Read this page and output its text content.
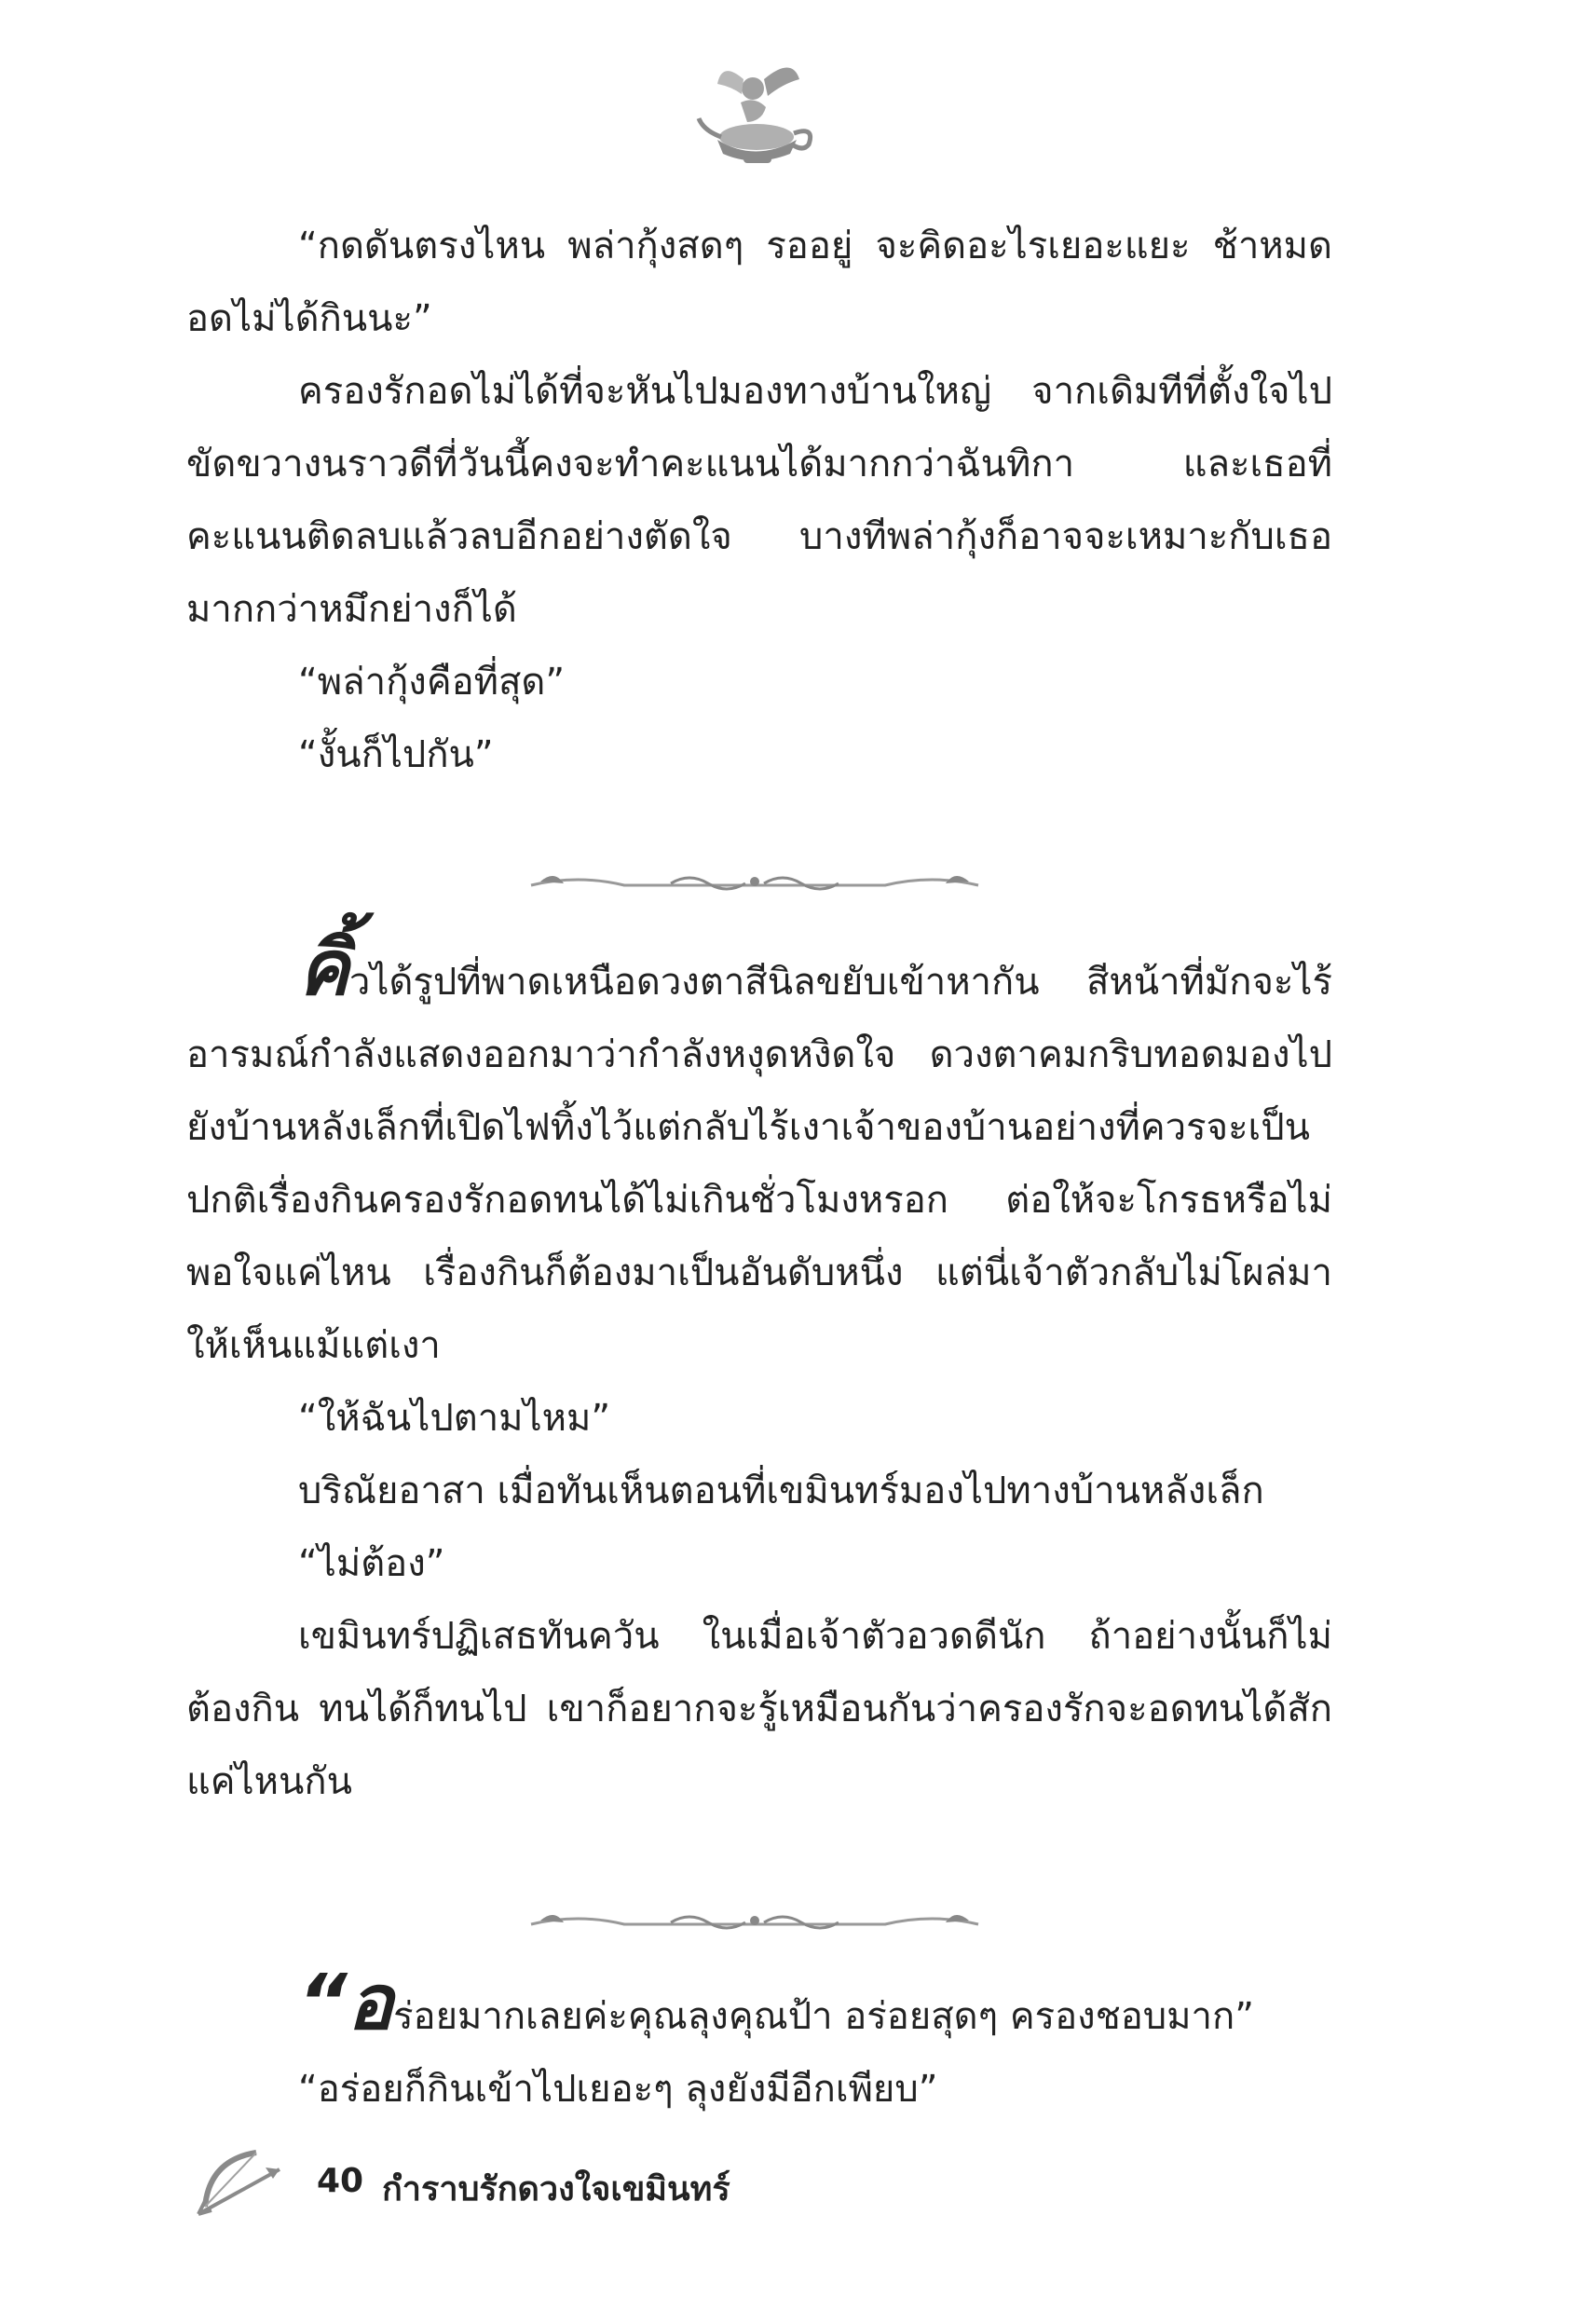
“กดดันตรงไหน พล่ากุ้งสดๆ รออยู่ จะคิดอะไรเยอะแยะ ช้าหมดอดไม่ได้กินนะ”

ครองรักอดไม่ได้ที่จะหันไปมองทางบ้านใหญ่ จากเดิมทีที่ตั้งใจไปขัดขวางนราวดีที่วันนี้คงจะทำคะแนนได้มากกว่าฉันทิกา และเธอที่คะแนนติดลบแล้วลบอีกอย่างตัดใจ บางทีพล่ากุ้งก็อาจจะเหมาะกับเธอมากกว่าหมึกย่างก็ได้

“พล่ากุ้งคือที่สุด”

“งั้นก็ไปกัน”

คิ้วได้รูปที่พาดเหนือดวงตาสีนิลขยับเข้าหากัน สีหน้าที่มักจะไร้อารมณ์กำลังแสดงออกมาว่ากำลังหงุดหงิดใจ ดวงตาคมกริบทอดมองไปยังบ้านหลังเล็กที่เปิดไฟทิ้งไว้แต่กลับไร้เงาเจ้าของบ้านอย่างที่ควรจะเป็น ปกติเรื่องกินครองรักอดทนได้ไม่เกินชั่วโมงหรอก ต่อให้จะโกรธหรือไม่พอใจแค่ไหน เรื่องกินก็ต้องมาเป็นอันดับหนึ่ง แต่นี่เจ้าตัวกลับไม่โผล่มาให้เห็นแม้แต่เงา

“ให้ฉันไปตามไหม”

บริณัยอาสา เมื่อทันเห็นตอนที่เขมินทร์มองไปทางบ้านหลังเล็ก

“ไม่ต้อง”

เขมินทร์ปฏิเสธทันควัน ในเมื่อเจ้าตัวอวดดีนัก ถ้าอย่างนั้นก็ไม่ต้องกิน ทนได้ก็ทนไป เขาก็อยากจะรู้เหมือนกันว่าครองรักจะอดทนได้สักแค่ไหนกัน

“อร่อยมากเลยค่ะคุณลุงคุณป้า อร่อยสุดๆ ครองชอบมาก”

“อร่อยก็กินเข้าไปเยอะๆ ลุงยังมีอีกเพียบ”

40 กำราบรักดวงใจเขมินทร์
